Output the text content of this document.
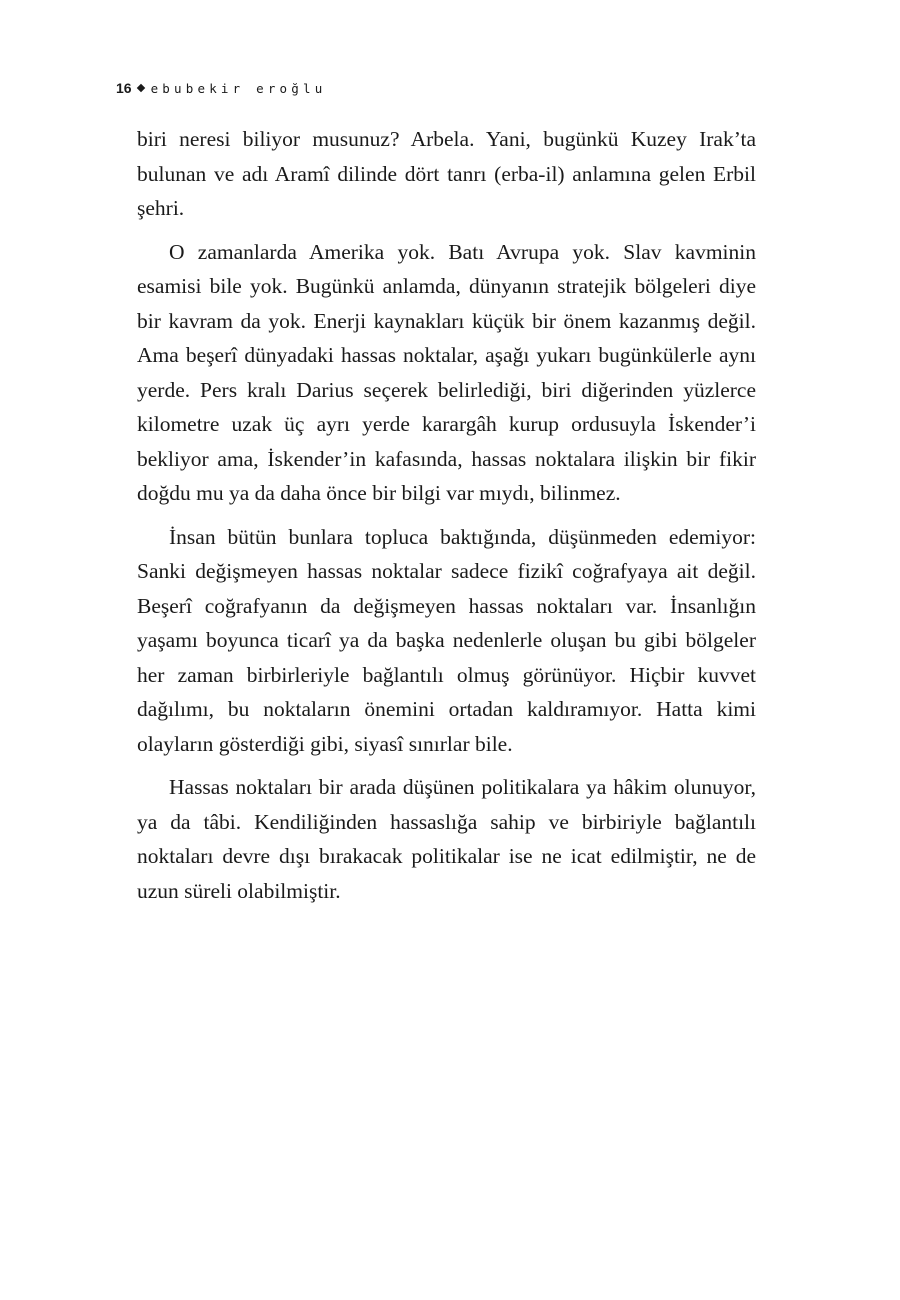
16 ebubekir eroğlu

biri neresi biliyor musunuz? Arbela. Yani, bugünkü Kuzey Irak’ta bulunan ve adı Aramî dilinde dört tanrı (erba-il) anlamına gelen Erbil şehri.

O zamanlarda Amerika yok. Batı Avrupa yok. Slav kavminin esamisi bile yok. Bugünkü anlamda, dünyanın stratejik bölgeleri diye bir kavram da yok. Enerji kaynakları küçük bir önem kazanmış değil. Ama beşerî dünyadaki hassas noktalar, aşağı yukarı bugünkülerle aynı yerde. Pers kralı Darius seçerek belirlediği, biri diğerinden yüzlerce kilometre uzak üç ayrı yerde karargâh kurup ordusuyla İskender’i bekliyor ama, İskender’in kafasında, hassas noktalara ilişkin bir fikir doğdu mu ya da daha önce bir bilgi var mıydı, bilinmez.

İnsan bütün bunlara topluca baktığında, düşünmeden edemiyor: Sanki değişmeyen hassas noktalar sadece fizikî coğrafyaya ait değil. Beşerî coğrafyanın da değişmeyen hassas noktaları var. İnsanlığın yaşamı boyunca ticarî ya da başka nedenlerle oluşan bu gibi bölgeler her zaman birbirleriyle bağlantılı olmuş görünüyor. Hiçbir kuvvet dağılımı, bu noktaların önemini ortadan kaldıramıyor. Hatta kimi olayların gösterdiği gibi, siyasî sınırlar bile.

Hassas noktaları bir arada düşünen politikalara ya hâkim olunuyor, ya da tâbi. Kendiliğinden hassaslığa sahip ve birbiriyle bağlantılı noktaları devre dışı bırakacak politikalar ise ne icat edilmiştir, ne de uzun süreli olabilmiştir.
